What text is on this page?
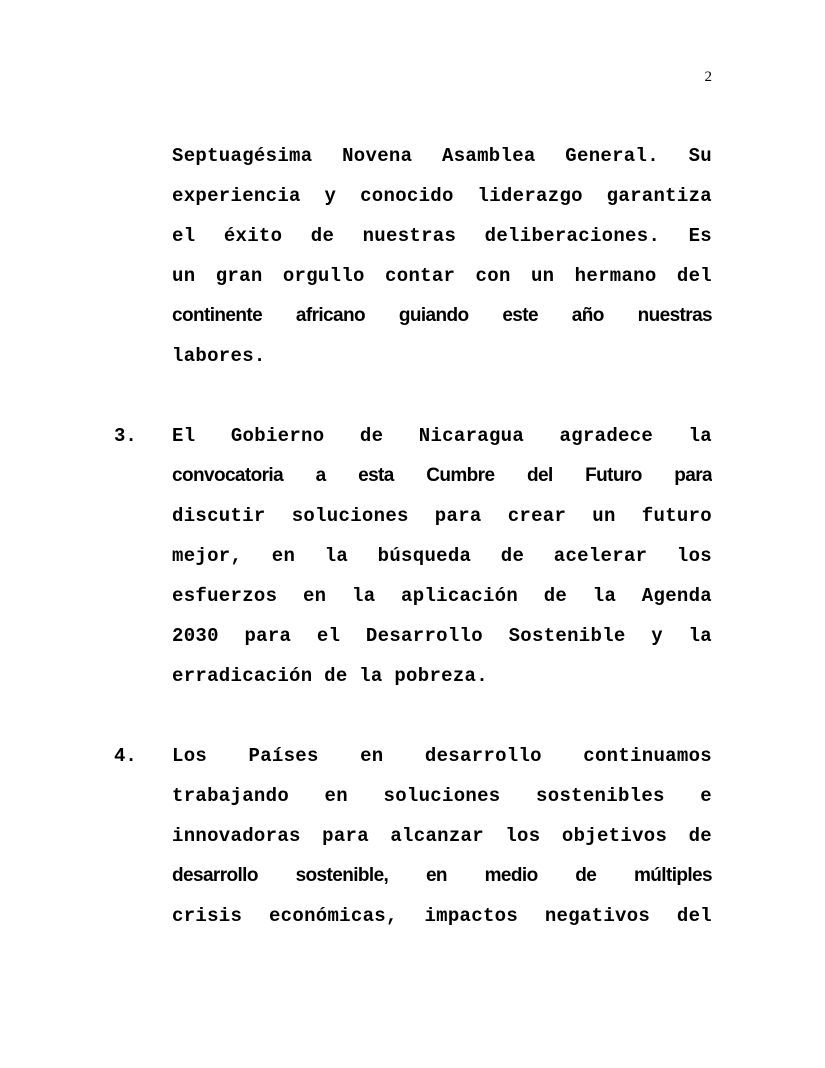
2
Septuagésima Novena Asamblea General. Su
experiencia y conocido liderazgo garantiza
el éxito de nuestras deliberaciones. Es
un gran orgullo contar con un hermano del
continente africano guiando este año nuestras
labores.
3. El Gobierno de Nicaragua agradece la
convocatoria a esta Cumbre del Futuro para
discutir soluciones para crear un futuro
mejor, en la búsqueda de acelerar los
esfuerzos en la aplicación de la Agenda
2030 para el Desarrollo Sostenible y la
erradicación de la pobreza.
4. Los Países en desarrollo continuamos
trabajando en soluciones sostenibles e
innovadoras para alcanzar los objetivos de
desarrollo sostenible, en medio de múltiples
crisis económicas, impactos negativos del
